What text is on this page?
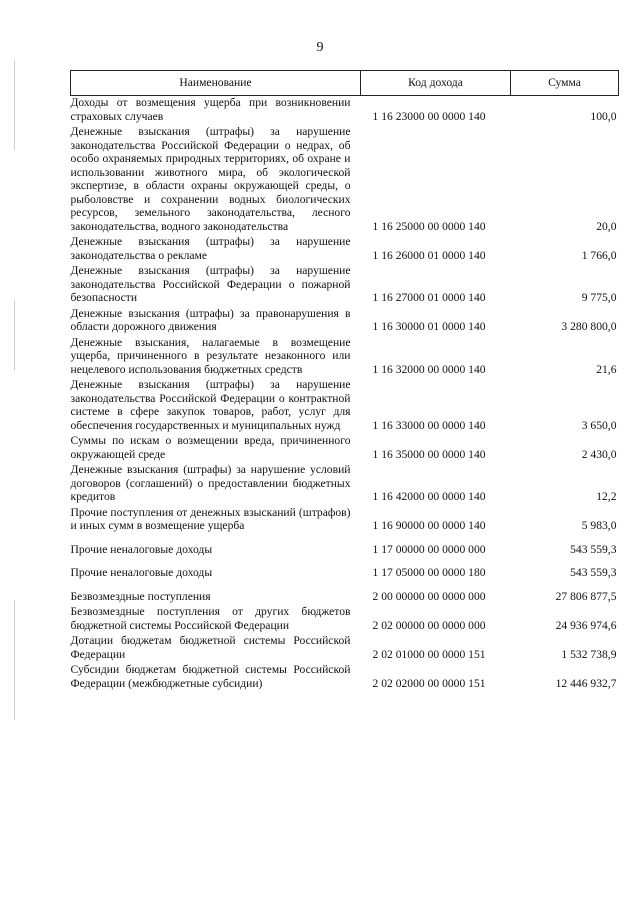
9
Наименование	Код дохода	Сумма
Доходы от возмещения ущерба при возникновении страховых случаев	1 16 23000 00 0000 140	100,0
Денежные взыскания (штрафы) за нарушение законодательства Российской Федерации о недрах, об особо охраняемых природных территориях, об охране и использовании животного мира, об экологической экспертизе, в области охраны окружающей среды, о рыболовстве и сохранении водных биологических ресурсов, земельного законодательства, лесного законодательства, водного законодательства	1 16 25000 00 0000 140	20,0
Денежные взыскания (штрафы) за нарушение законодательства о рекламе	1 16 26000 01 0000 140	1 766,0
Денежные взыскания (штрафы) за нарушение законодательства Российской Федерации о пожарной безопасности	1 16 27000 01 0000 140	9 775,0
Денежные взыскания (штрафы) за правонарушения в области дорожного движения	1 16 30000 01 0000 140	3 280 800,0
Денежные взыскания, налагаемые в возмещение ущерба, причиненного в результате незаконного или нецелевого использования бюджетных средств	1 16 32000 00 0000 140	21,6
Денежные взыскания (штрафы) за нарушение законодательства Российской Федерации о контрактной системе в сфере закупок товаров, работ, услуг для обеспечения государственных и муниципальных нужд	1 16 33000 00 0000 140	3 650,0
Суммы по искам о возмещении вреда, причиненного окружающей среде	1 16 35000 00 0000 140	2 430,0
Денежные взыскания (штрафы) за нарушение условий договоров (соглашений) о предоставлении бюджетных кредитов	1 16 42000 00 0000 140	12,2
Прочие поступления от денежных взысканий (штрафов) и иных сумм в возмещение ущерба	1 16 90000 00 0000 140	5 983,0
Прочие неналоговые доходы	1 17 00000 00 0000 000	543 559,3
Прочие неналоговые доходы	1 17 05000 00 0000 180	543 559,3
Безвозмездные поступления	2 00 00000 00 0000 000	27 806 877,5
Безвозмездные поступления от других бюджетов бюджетной системы Российской Федерации	2 02 00000 00 0000 000	24 936 974,6
Дотации бюджетам бюджетной системы Российской Федерации	2 02 01000 00 0000 151	1 532 738,9
Субсидии бюджетам бюджетной системы Российской Федерации (межбюджетные субсидии)	2 02 02000 00 0000 151	12 446 932,7
